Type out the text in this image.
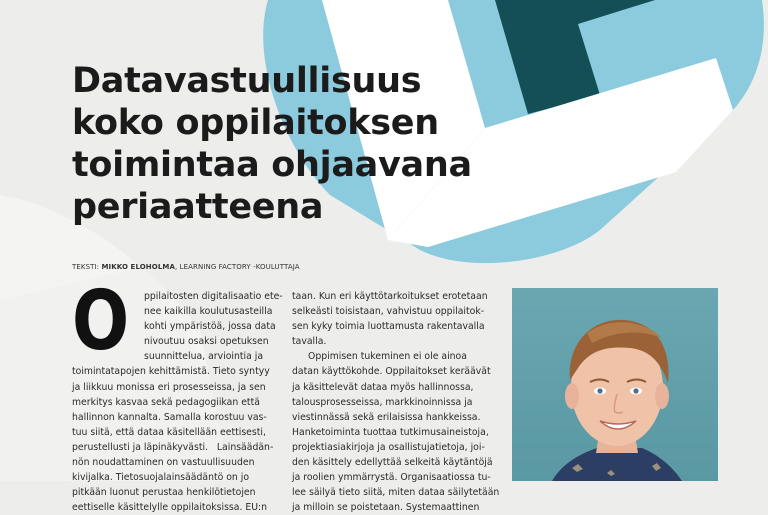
Datavastuullisuus
koko oppilaitoksen
toimintaa ohjaavana
periaatteena
TEKSTI: MIKKO ELOHOLMA, LEARNING FACTORY -KOULUTTAJA
O	ppilaitosten digitalisaatio ete-
nee kaikilla koulutusasteilla
kohti ympäristöä, jossa data
nivoutuu osaksi opetuksen
suunnittelua, arviointia ja
toimintatapojen kehittämistä. Tieto syntyy
ja liikkuu monissa eri prosesseissa, ja sen
merkitys kasvaa sekä pedagogiikan että
hallinnon kannalta. Samalla korostuu vas-
tuu siitä, että dataa käsitellään eettisesti,
perustellusti ja läpinäkyvästi.   Lainsäädän-
nön noudattaminen on vastuullisuuden
kivijalka. Tietosuojalainsäädäntö on jo
pitkään luonut perustaa henkilötietojen
eettiselle käsittelylle oppilaitoksissa. EU:n
taan. Kun eri käyttötarkoitukset erotetaan
selkeästi toisistaan, vahvistuu oppilaitok-
sen kyky toimia luottamusta rakentavalla
tavalla.
Oppimisen tukeminen ei ole ainoa
datan käyttökohde. Oppilaitokset keräävät
ja käsittelevät dataa myös hallinnossa,
talousprosesseissa, markkinoinnissa ja
viestinnässä sekä erilaisissa hankkeissa.
Hanketoiminta tuottaa tutkimusaineistoja,
projektiasiakirjoja ja osallistujatietoja, joi-
den käsittely edellyttää selkeitä käytäntöjä
ja roolien ymmärrystä. Organisaatiossa tu-
lee säilyä tieto siitä, miten dataa säilytetään
ja milloin se poistetaan. Systemaattinen
